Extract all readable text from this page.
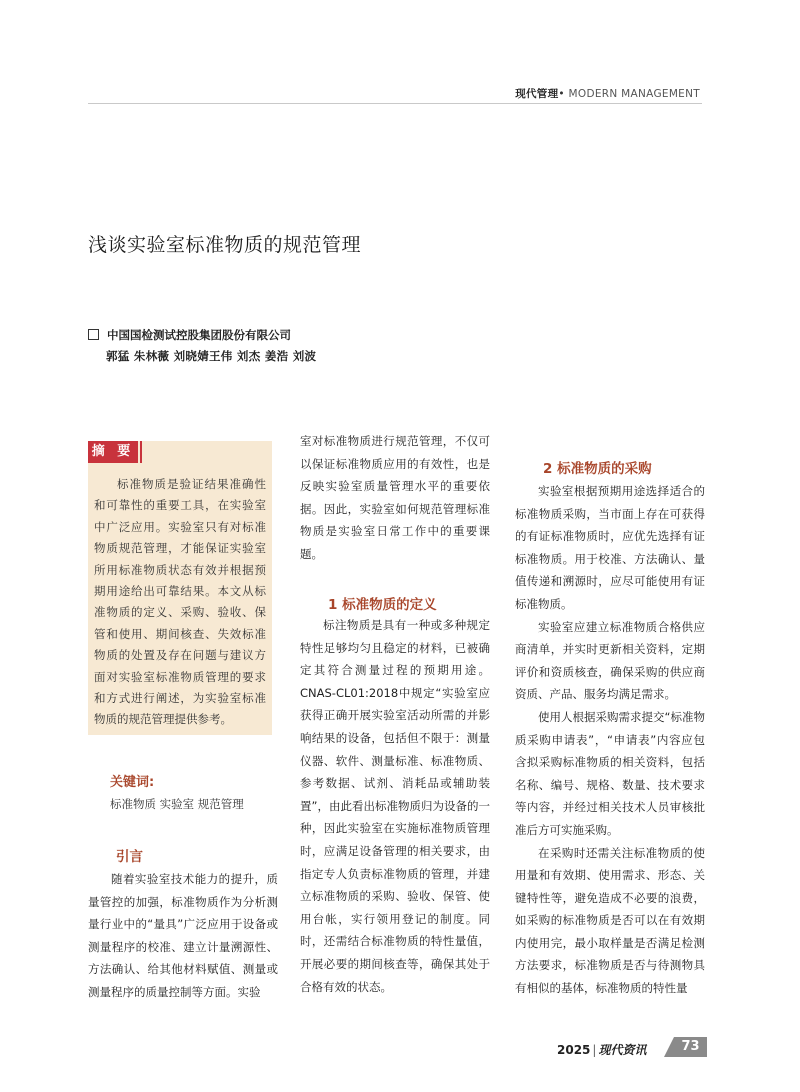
现代管理• MODERN MANAGEMENT
浅谈实验室标准物质的规范管理
中国国检测试控股集团股份有限公司
郭猛 朱林薇 刘晓婧王伟 刘杰 姜浩 刘波
摘 要

标准物质是验证结果准确性和可靠性的重要工具，在实验室中广泛应用。实验室只有对标准物质规范管理，才能保证实验室所用标准物质状态有效并根据预期用途给出可靠结果。本文从标准物质的定义、采购、验收、保管和使用、期间核查、失效标准物质的处置及存在问题与建议方面对实验室标准物质管理的要求和方式进行阐述，为实验室标准物质的规范管理提供参考。

关键词:
标准物质 实验室 规范管理
引言

随着实验室技术能力的提升，质量管控的加强，标准物质作为分析测量行业中的“量具”广泛应用于设备或测量程序的校准、建立计量溯源性、方法确认、给其他材料赋值、测量或测量程序的质量控制等方面。实验

室对标准物质进行规范管理，不仅可以保证标准物质应用的有效性，也是反映实验室质量管理水平的重要依据。因此，实验室如何规范管理标准物质是实验室日常工作中的重要课题。

1 标准物质的定义

标注物质是具有一种或多种规定特性足够均匀且稳定的材料，已被确定其符合测量过程的预期用途。CNAS-CL01:2018中规定“实验室应获得正确开展实验室活动所需的并影响结果的设备，包括但不限于：测量仪器、软件、测量标准、标准物质、参考数据、试剂、消耗品或辅助装置”，由此看出标准物质归为设备的一种，因此实验室在实施标准物质管理时，应满足设备管理的相关要求，由指定专人负责标准物质的管理，并建立标准物质的采购、验收、保管、使用台帐，实行领用登记的制度。同时，还需结合标准物质的特性量值，开展必要的期间核查等，确保其处于合格有效的状态。

2 标准物质的采购

实验室根据预期用途选择适合的标准物质采购，当市面上存在可获得的有证标准物质时，应优先选择有证标准物质。用于校准、方法确认、量值传递和溯源时，应尽可能使用有证标准物质。

实验室应建立标准物质合格供应商清单，并实时更新相关资料，定期评价和资质核查，确保采购的供应商资质、产品、服务均满足需求。

使用人根据采购需求提交“标准物质采购申请表”，“申请表”内容应包含拟采购标准物质的相关资料，包括名称、编号、规格、数量、技术要求等内容，并经过相关技术人员审核批准后方可实施采购。

在采购时还需关注标准物质的使用量和有效期、使用需求、形态、关键特性等，避免造成不必要的浪费，如采购的标准物质是否可以在有效期内使用完，最小取样量是否满足检测方法要求，标准物质是否与待测物具有相似的基体，标准物质的特性量

2025 | 现代资讯	73
